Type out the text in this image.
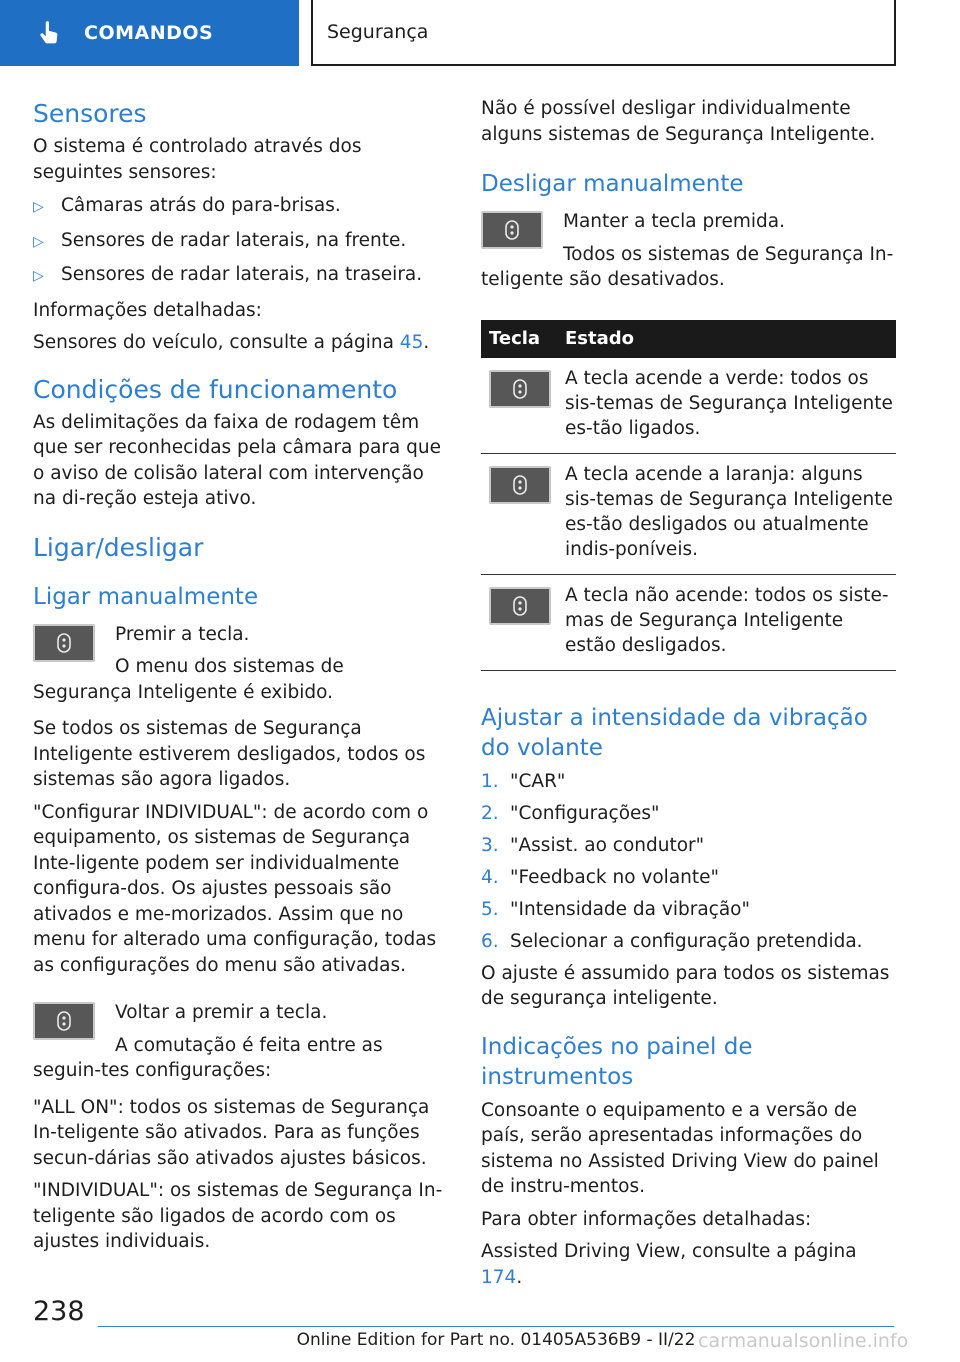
COMANDOS	Segurança
Sensores

O sistema é controlado através dos seguintes sensores:

▷ Câmaras atrás do para-brisas.
▷ Sensores de radar laterais, na frente.
▷ Sensores de radar laterais, na traseira.

Informações detalhadas:

Sensores do veículo, consulte a página 45.

Condições de funcionamento

As delimitações da faixa de rodagem têm que ser reconhecidas pela câmara para que o aviso de colisão lateral com intervenção na di-reção esteja ativo.

Ligar/desligar
Ligar manualmente

Premir a tecla.

O menu dos sistemas de Segurança Inteligente é exibido.

Se todos os sistemas de Segurança Inteligente estiverem desligados, todos os sistemas são agora ligados.

"Configurar INDIVIDUAL": de acordo com o equipamento, os sistemas de Segurança Inte-ligente podem ser individualmente configura-dos. Os ajustes pessoais são ativados e me-morizados. Assim que no menu for alterado uma configuração, todas as configurações do menu são ativadas.

Voltar a premir a tecla.

A comutação é feita entre as seguin-tes configurações:

"ALL ON": todos os sistemas de Segurança In-teligente são ativados. Para as funções secun-dárias são ativados ajustes básicos.

"INDIVIDUAL": os sistemas de Segurança In-teligente são ligados de acordo com os ajustes individuais.

Não é possível desligar individualmente alguns sistemas de Segurança Inteligente.

Desligar manualmente

Manter a tecla premida.

Todos os sistemas de Segurança In-teligente são desativados.

Tecla	Estado

	A tecla acende a verde: todos os sis-temas de Segurança Inteligente es-tão ligados.

	A tecla acende a laranja: alguns sis-temas de Segurança Inteligente es-tão desligados ou atualmente indis-poníveis.

	A tecla não acende: todos os siste-mas de Segurança Inteligente estão desligados.
Ajustar a intensidade da vibração do volante
1. "CAR"
2. "Configurações"
3. "Assist. ao condutor"
4. "Feedback no volante"
5. "Intensidade da vibração"
6. Selecionar a configuração pretendida.

O ajuste é assumido para todos os sistemas de segurança inteligente.

Indicações no painel de instrumentos

Consoante o equipamento e a versão de país, serão apresentadas informações do sistema no Assisted Driving View do painel de instru-mentos.

Para obter informações detalhadas:

Assisted Driving View, consulte a página 174.

238
Online Edition for Part no. 01405A536B9 - II/22 carmanualsonline.info
